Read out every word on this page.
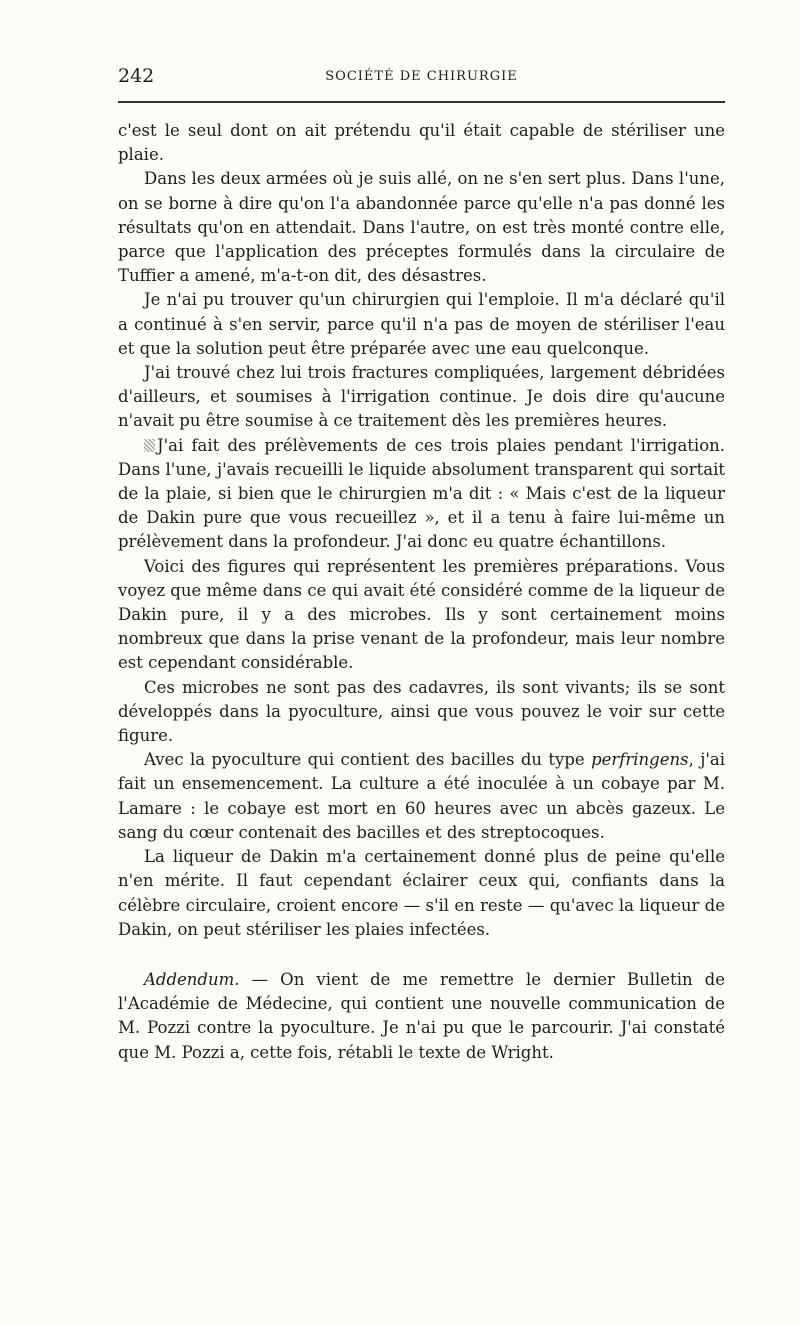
242	SOCIÉTÉ DE CHIRURGIE

c'est le seul dont on ait prétendu qu'il était capable de stériliser une plaie.

Dans les deux armées où je suis allé, on ne s'en sert plus. Dans l'une, on se borne à dire qu'on l'a abandonnée parce qu'elle n'a pas donné les résultats qu'on en attendait. Dans l'autre, on est très monté contre elle, parce que l'application des préceptes formulés dans la circulaire de Tuffier a amené, m'a-t-on dit, des désastres.

Je n'ai pu trouver qu'un chirurgien qui l'emploie. Il m'a déclaré qu'il a continué à s'en servir, parce qu'il n'a pas de moyen de stériliser l'eau et que la solution peut être préparée avec une eau quelconque.

J'ai trouvé chez lui trois fractures compliquées, largement débridées d'ailleurs, et soumises à l'irrigation continue. Je dois dire qu'aucune n'avait pu être soumise à ce traitement dès les premières heures.

J'ai fait des prélèvements de ces trois plaies pendant l'irrigation. Dans l'une, j'avais recueilli le liquide absolument transparent qui sortait de la plaie, si bien que le chirurgien m'a dit : « Mais c'est de la liqueur de Dakin pure que vous recueillez », et il a tenu à faire lui-même un prélèvement dans la profondeur. J'ai donc eu quatre échantillons.

Voici des figures qui représentent les premières préparations. Vous voyez que même dans ce qui avait été considéré comme de la liqueur de Dakin pure, il y a des microbes. Ils y sont certainement moins nombreux que dans la prise venant de la profondeur, mais leur nombre est cependant considérable.

Ces microbes ne sont pas des cadavres, ils sont vivants; ils se sont développés dans la pyoculture, ainsi que vous pouvez le voir sur cette figure.

Avec la pyoculture qui contient des bacilles du type perfringens, j'ai fait un ensemencement. La culture a été inoculée à un cobaye par M. Lamare : le cobaye est mort en 60 heures avec un abcès gazeux. Le sang du cœur contenait des bacilles et des streptocoques.

La liqueur de Dakin m'a certainement donné plus de peine qu'elle n'en mérite. Il faut cependant éclairer ceux qui, confiants dans la célèbre circulaire, croient encore — s'il en reste — qu'avec la liqueur de Dakin, on peut stériliser les plaies infectées.

Addendum. — On vient de me remettre le dernier Bulletin de l'Académie de Médecine, qui contient une nouvelle communication de M. Pozzi contre la pyoculture. Je n'ai pu que le parcourir. J'ai constaté que M. Pozzi a, cette fois, rétabli le texte de Wright.
